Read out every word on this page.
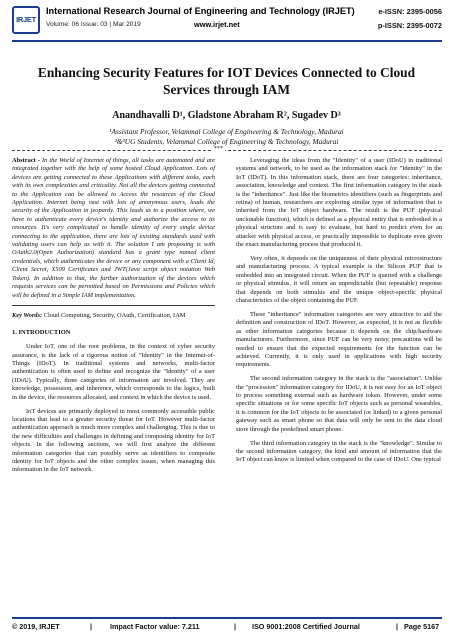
IRJET
International Research Journal of Engineering and Technology (IRJET)
Volume: 06 Issue: 03 | Mar 2019	www.irjet.net
e-ISSN: 2395-0056
p-ISSN: 2395-0072
Enhancing Security Features for IOT Devices Connected to Cloud Services through IAM
Anandhavalli D¹, Gladstone Abraham R², Sugadev D³
¹Assistant Professor, Velammal College of Engineering & Technology, Madurai
²&³UG Students, Velammal College of Engineering & Technology, Madurai
***

Abstract - In the World of Internet of things, all tasks are automated and are integrated together with the help of some hosted Cloud Application. Lots of devices are getting connected to these Applications with different tasks, each with its own complexities and criticality. Not all the devices getting connected to the Application can be allowed to Access the resources of the Cloud Application. Internet being vast with lots of anonymous users, leads the security of the Application in jeopardy. This leads us to a position where, we have to authenticate every device's identity and authorize the access to its resources. It's very complicated to handle identity of every single device connecting to the application, there are lots of existing standards used with validating users can help us with it. The solution I am proposing is with OAuth2.0(Open Authorization) standard has a grant type named client credentials, which authenticates the device or any component with a Client Id, Client Secret, X509 Certificates and JWT(Java script object notation Web Token). In addition to that, the further authorization of the devices which requests services can be permitted based on Permissions and Policies which will be defined in a Simple IAM implementation.

Key Words: Cloud Computing, Security, OAuth, Certification, IAM

1. INTRODUCTION

Under IoT, one of the root problems, in the context of cyber security assurance, is the lack of a rigorous notion of "Identity" in the Internet-of-Things (IDoT). In traditional systems and networks, multi-factor authentication is often used to define and recognize the "Identity" of a user (IDoU). Typically, three categories of information are involved. They are knowledge, possession, and inherence, which corresponds to the logics, built in the device, the resources allocated, and context in which the device is used.

IoT devices are primarily deployed in most commonly accessible public locations that lead to a greater security threat for IoT. However multi-factor authentication approach is much more complex and challenging. This is due to the new difficulties and challenges in defining and composing identity for IoT objects. In the following sections, we will first analyze the different information categories that can possibly serve as identifiers to composite identity for IoT objects and the other complex issues, when managing this information in the IoT network.

Leveraging the ideas from the "Identity" of a user (IDoU) in traditional systems and network, to be used as the information stack for "Identity" in the IoT (IDoT). In this information stack, there are four categories: inheritance, association, knowledge and context. The first information category in the stack is the "inheritance". Just like the biometrics identifiers (such as fingerprints and retina) of human, researchers are exploring similar type of information that is inherited from the IoT object hardware. The result is the PUF (physical unclonable function), which is defined as a physical entity that is embodied in a physical structure and is easy to evaluate, but hard to predict even for an attacker with physical access, or practically impossible to duplicate even given the exact manufacturing process that produced it.

Very often, it depends on the uniqueness of their physical microstructure and manufacturing process. A typical example is the Silicon PUF that is embedded into an integrated circuit. When the PUF is queried with a challenge or physical stimulus, it will return an unpredictable (but repeatable) response that depends on both stimulus and the unique object-specific physical characteristics of the object containing the PUF.

These "inheritance" information categories are very attractive to aid the definition and construction of IDoT. However, as expected, it is not as flexible as other information categories because it depends on the chip/hardware manufacturers. Furthermore, since PUF can be very noisy, precautions will be needed to ensure that the expected requirements for the function can be achieved. Currently, it is only used in applications with high security requirements.

The second information category in the stack is the "association". Unlike the "procession" information category for IDoU, it is not easy for an IoT object to process something external such as hardware token. However, under some specific situations or for some specific IoT objects such as personal wearables, it is common for the IoT objects to be associated (or linked) to a given personal gateway such as smart phone so that data will only be sent to the data cloud store through the predefined smart phone.

The third information category in the stack is the "knowledge". Similar to the second information category, the kind and amount of information that the IoT object can know is limited when compared to the case of IDoU. One typical

© 2019, IRJET	| Impact Factor value: 7.211	| ISO 9001:2008 Certified Journal	| Page 5167
